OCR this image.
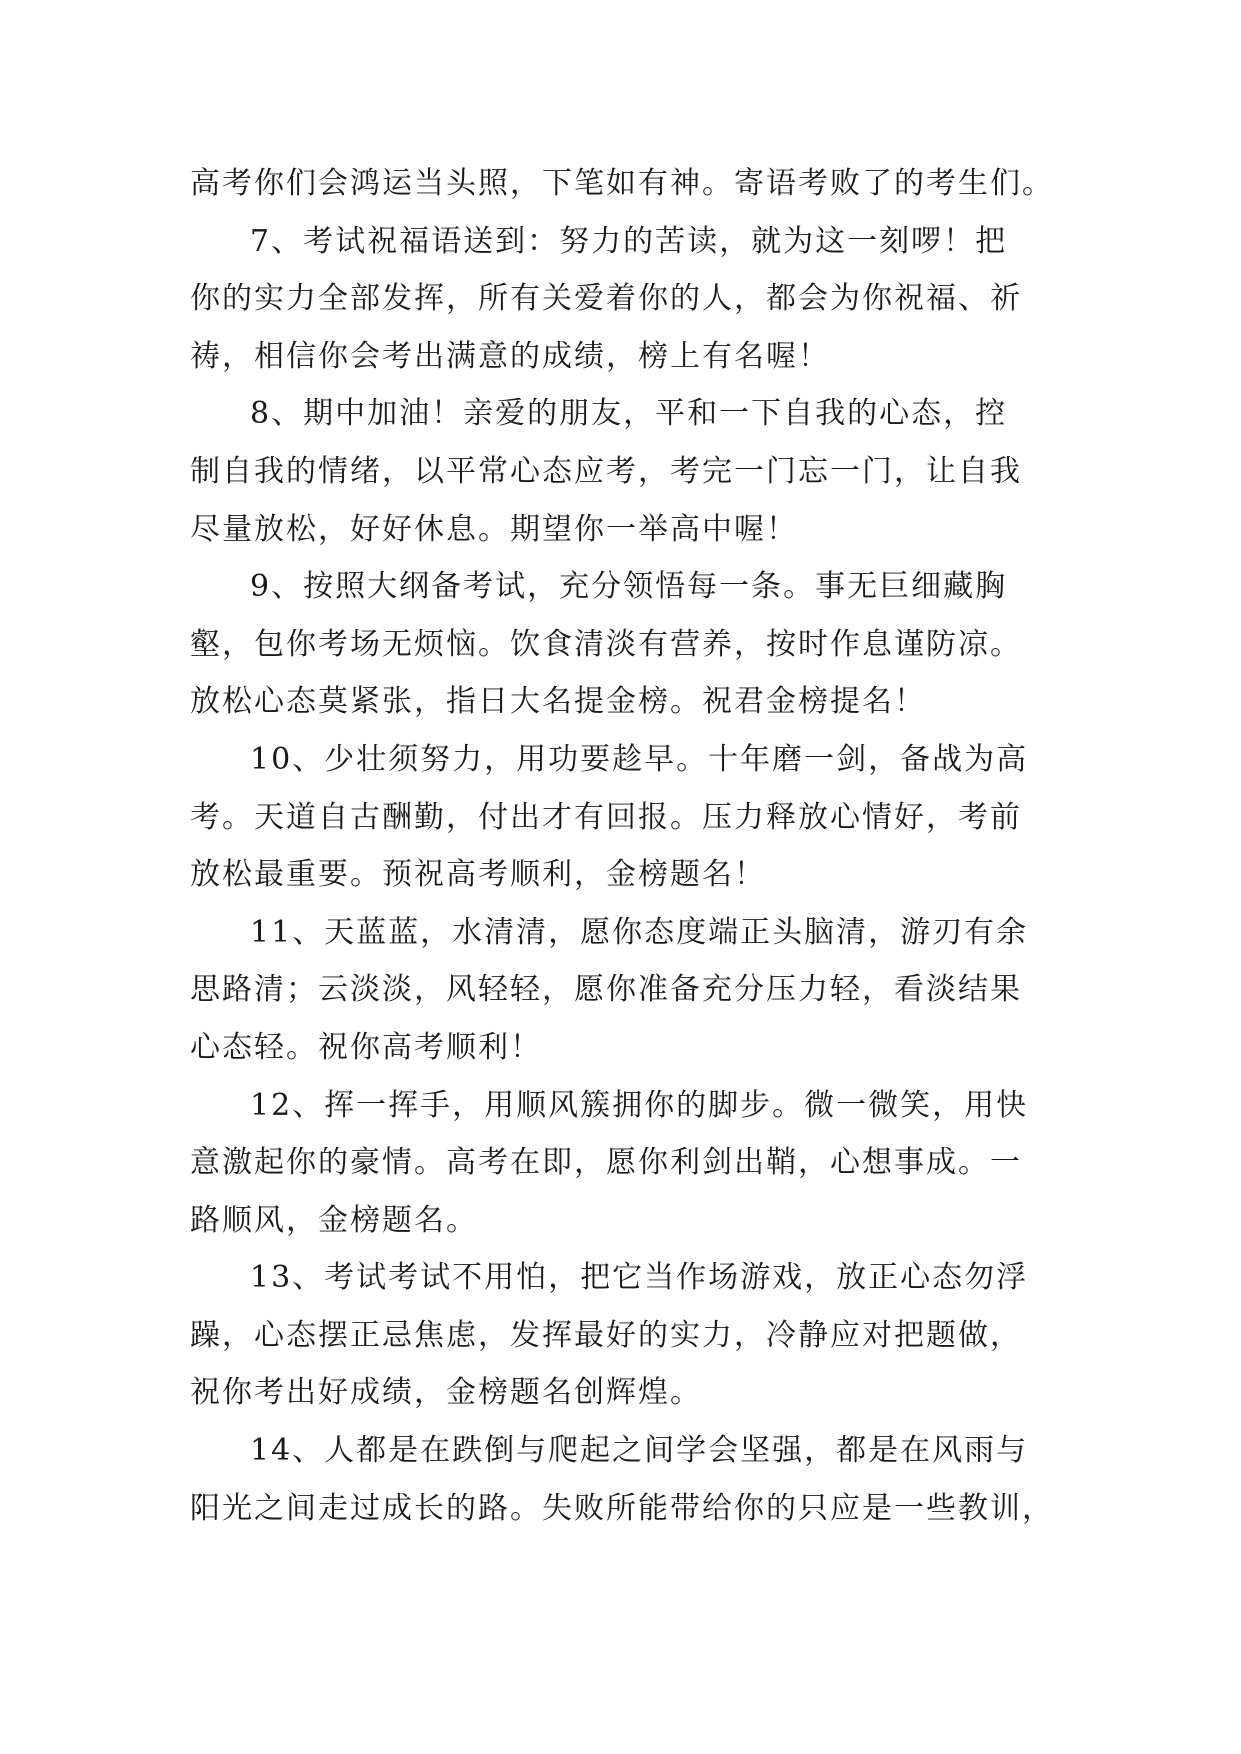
高考你们会鸿运当头照，下笔如有神。寄语考败了的考生们。
7、考试祝福语送到：努力的苦读，就为这一刻啰！把
你的实力全部发挥，所有关爱着你的人，都会为你祝福、祈
祷，相信你会考出满意的成绩，榜上有名喔！
8、期中加油！亲爱的朋友，平和一下自我的心态，控
制自我的情绪，以平常心态应考，考完一门忘一门，让自我
尽量放松，好好休息。期望你一举高中喔！
9、按照大纲备考试，充分领悟每一条。事无巨细藏胸
壑，包你考场无烦恼。饮食清淡有营养，按时作息谨防凉。
放松心态莫紧张，指日大名提金榜。祝君金榜提名！
10、少壮须努力，用功要趁早。十年磨一剑，备战为高
考。天道自古酬勤，付出才有回报。压力释放心情好，考前
放松最重要。预祝高考顺利，金榜题名！
11、天蓝蓝，水清清，愿你态度端正头脑清，游刃有余
思路清；云淡淡，风轻轻，愿你准备充分压力轻，看淡结果
心态轻。祝你高考顺利！
12、挥一挥手，用顺风簇拥你的脚步。微一微笑，用快
意激起你的豪情。高考在即，愿你利剑出鞘，心想事成。一
路顺风，金榜题名。
13、考试考试不用怕，把它当作场游戏，放正心态勿浮
躁，心态摆正忌焦虑，发挥最好的实力，冷静应对把题做，
祝你考出好成绩，金榜题名创辉煌。
14、人都是在跌倒与爬起之间学会坚强，都是在风雨与
阳光之间走过成长的路。失败所能带给你的只应是一些教训，
